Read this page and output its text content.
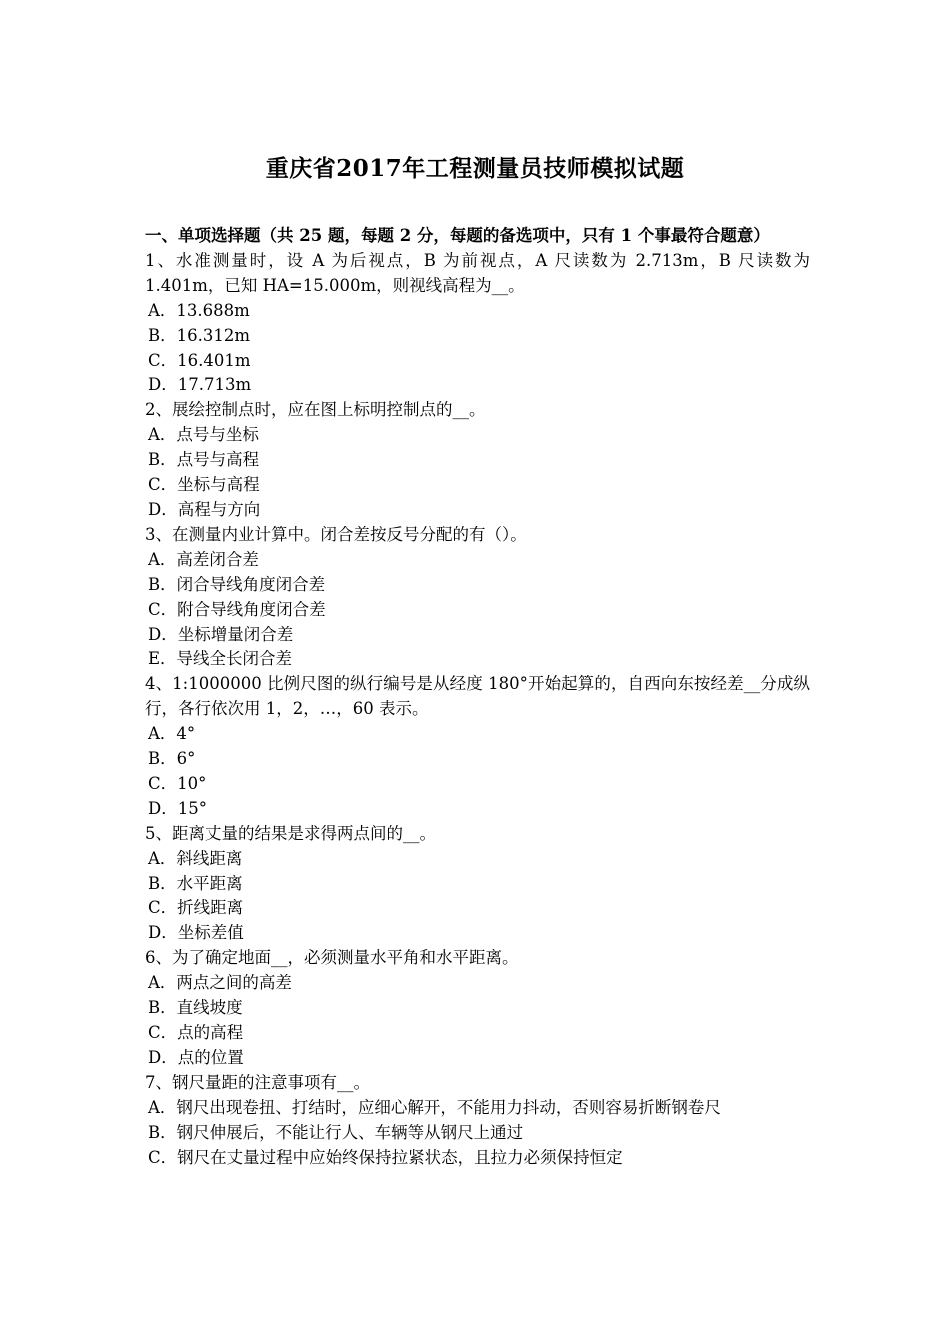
重庆省2017年工程测量员技师模拟试题

一、单项选择题（共 25 题，每题 2 分，每题的备选项中，只有 1 个事最符合题意）

1、水准测量时，设 A 为后视点，B 为前视点，A 尺读数为 2.713m，B 尺读数为 1.401m，已知 HA=15.000m，则视线高程为__。

A．13.688m
B．16.312m
C．16.401m
D．17.713m

2、展绘控制点时，应在图上标明控制点的__。

A．点号与坐标
B．点号与高程
C．坐标与高程
D．高程与方向

3、在测量内业计算中。闭合差按反号分配的有（）。

A．高差闭合差
B．闭合导线角度闭合差
C．附合导线角度闭合差
D．坐标增量闭合差
E．导线全长闭合差

4、1:1000000 比例尺图的纵行编号是从经度 180°开始起算的，自西向东按经差__分成纵行，各行依次用 1，2，…，60 表示。

A．4°
B．6°
C．10°
D．15°

5、距离丈量的结果是求得两点间的__。

A．斜线距离
B．水平距离
C．折线距离
D．坐标差值

6、为了确定地面__，必须测量水平角和水平距离。

A．两点之间的高差
B．直线坡度
C．点的高程
D．点的位置

7、钢尺量距的注意事项有__。

A．钢尺出现卷扭、打结时，应细心解开，不能用力抖动，否则容易折断钢卷尺
B．钢尺伸展后，不能让行人、车辆等从钢尺上通过
C．钢尺在丈量过程中应始终保持拉紧状态，且拉力必须保持恒定
